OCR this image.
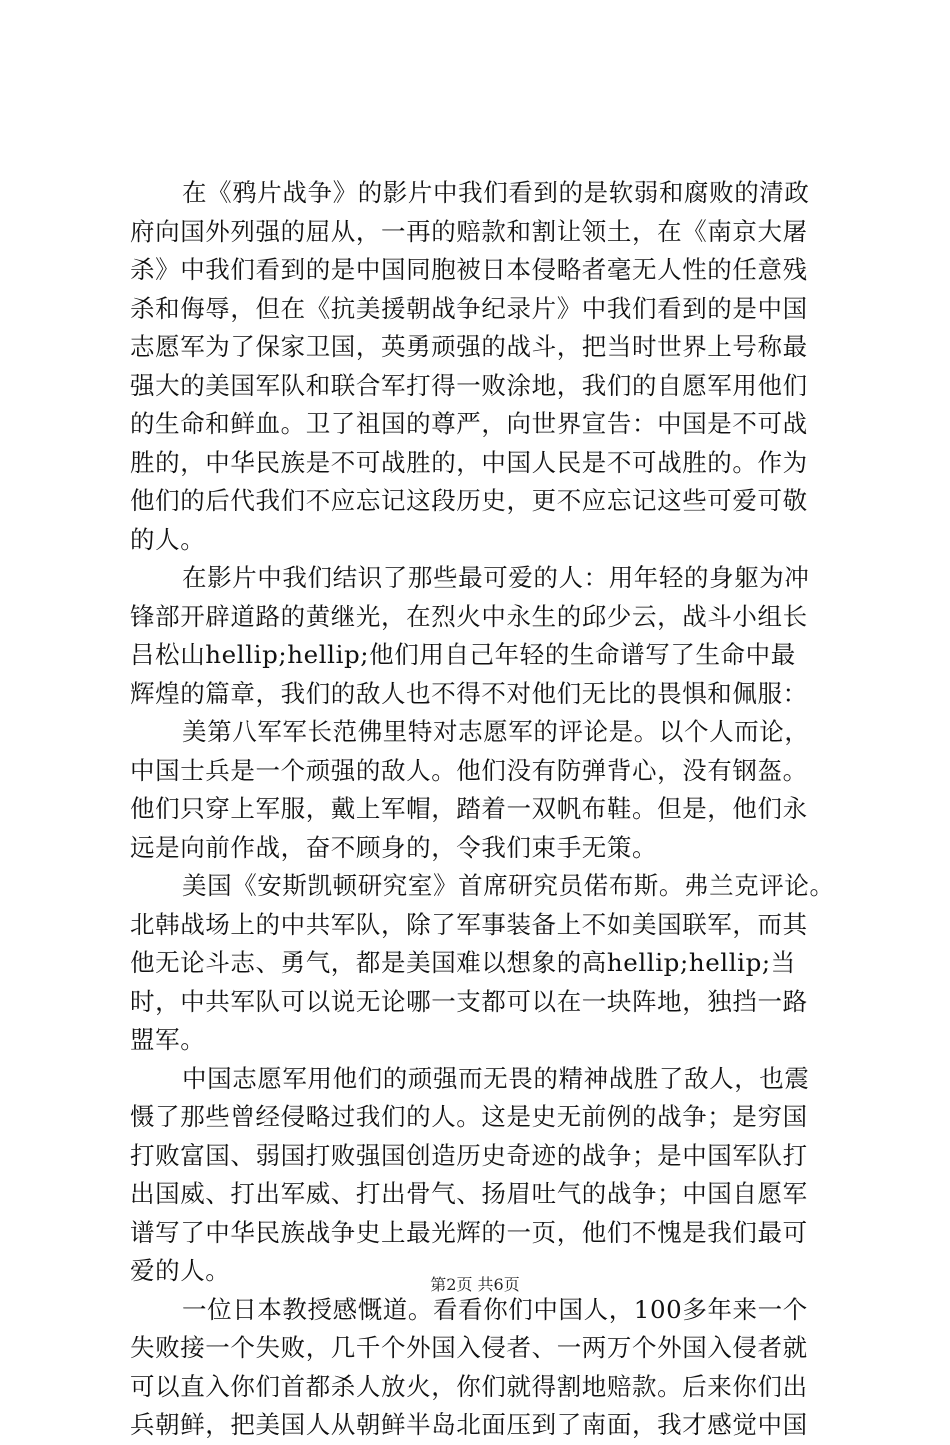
在《鸦片战争》的影片中我们看到的是软弱和腐败的清政
府向国外列强的屈从，一再的赔款和割让领土，在《南京大屠
杀》中我们看到的是中国同胞被日本侵略者毫无人性的任意残
杀和侮辱，但在《抗美援朝战争纪录片》中我们看到的是中国
志愿军为了保家卫国，英勇顽强的战斗，把当时世界上号称最
强大的美国军队和联合军打得一败涂地，我们的自愿军用他们
的生命和鲜血。卫了祖国的尊严，向世界宣告：中国是不可战
胜的，中华民族是不可战胜的，中国人民是不可战胜的。作为
他们的后代我们不应忘记这段历史，更不应忘记这些可爱可敬
的人。
在影片中我们结识了那些最可爱的人：用年轻的身躯为冲
锋部开辟道路的黄继光，在烈火中永生的邱少云，战斗小组长
吕松山hellip;hellip;他们用自己年轻的生命谱写了生命中最
辉煌的篇章，我们的敌人也不得不对他们无比的畏惧和佩服：
美第八军军长范佛里特对志愿军的评论是。以个人而论，
中国士兵是一个顽强的敌人。他们没有防弹背心，没有钢盔。
他们只穿上军服，戴上军帽，踏着一双帆布鞋。但是，他们永
远是向前作战，奋不顾身的，令我们束手无策。
美国《安斯凯顿研究室》首席研究员偌布斯。弗兰克评论。
北韩战场上的中共军队，除了军事装备上不如美国联军，而其
他无论斗志、勇气，都是美国难以想象的高hellip;hellip;当
时，中共军队可以说无论哪一支都可以在一块阵地，独挡一路
盟军。
中国志愿军用他们的顽强而无畏的精神战胜了敌人，也震
慑了那些曾经侵略过我们的人。这是史无前例的战争；是穷国
打败富国、弱国打败强国创造历史奇迹的战争；是中国军队打
出国威、打出军威、打出骨气、扬眉吐气的战争；中国自愿军
谱写了中华民族战争史上最光辉的一页，他们不愧是我们最可
爱的人。
一位日本教授感慨道。看看你们中国人，100多年来一个
失败接一个失败，几千个外国入侵者、一两万个外国入侵者就
可以直入你们首都杀人放火，你们就得割地赔款。后来你们出
兵朝鲜，把美国人从朝鲜半岛北面压到了南面，我才感觉中国
第2页 共6页
